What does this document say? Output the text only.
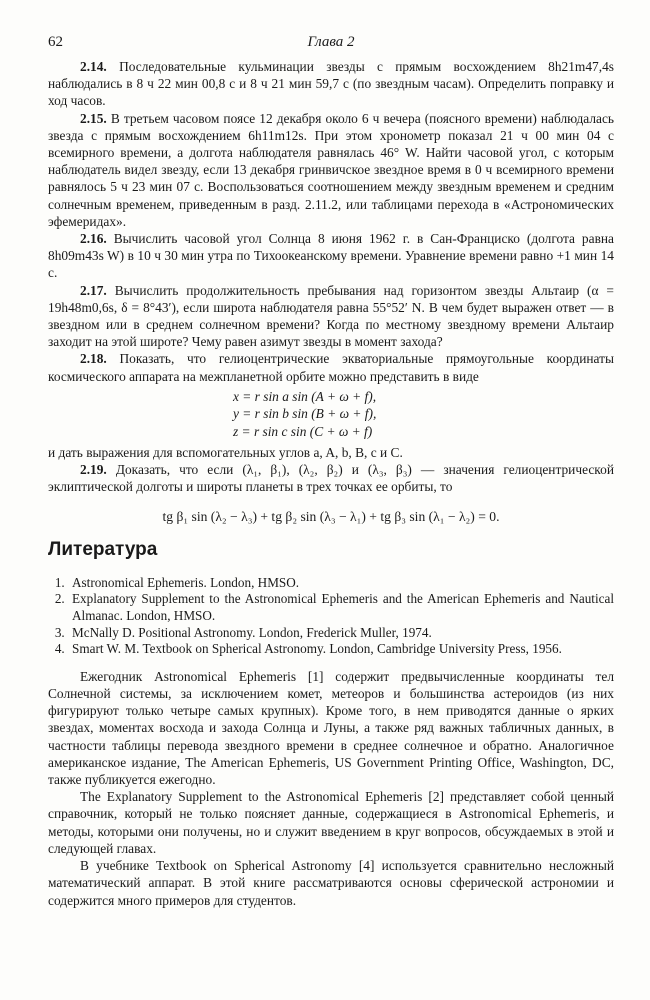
62	Глава 2

2.14. Последовательные кульминации звезды с прямым восхождением 8h21m47,4s наблюдались в 8 ч 22 мин 00,8 с и 8 ч 21 мин 59,7 с (по звездным часам). Определить поправку и ход часов.

2.15. В третьем часовом поясе 12 декабря около 6 ч вечера (поясного времени) наблюдалась звезда с прямым восхождением 6h11m12s. При этом хронометр показал 21 ч 00 мин 04 с всемирного времени, а долгота наблюдателя равнялась 46° W. Найти часовой угол, с которым наблюдатель видел звезду, если 13 декабря гринвичское звездное время в 0 ч всемирного времени равнялось 5 ч 23 мин 07 с. Воспользоваться соотношением между звездным временем и средним солнечным временем, приведенным в разд. 2.11.2, или таблицами перехода в «Астрономических эфемеридах».

2.16. Вычислить часовой угол Солнца 8 июня 1962 г. в Сан-Франциско (долгота равна 8h09m43s W) в 10 ч 30 мин утра по Тихоокеанскому времени. Уравнение времени равно +1 мин 14 с.

2.17. Вычислить продолжительность пребывания над горизонтом звезды Альтаир (α = 19h48m0,6s, δ = 8°43′), если широта наблюдателя равна 55°52′ N. В чем будет выражен ответ — в звездном или в среднем солнечном времени? Когда по местному звездному времени Альтаир заходит на этой широте? Чему равен азимут звезды в момент захода?

2.18. Показать, что гелиоцентрические экваториальные прямоугольные координаты космического аппарата на межпланетной орбите можно представить в виде

x = r sin a sin (A + ω + f),

y = r sin b sin (B + ω + f),

z = r sin c sin (C + ω + f)

и дать выражения для вспомогательных углов a, A, b, B, c и C.

2.19. Доказать, что если (λ₁, β₁), (λ₂, β₂) и (λ₃, β₃) — значения гелиоцентрической эклиптической долготы и широты планеты в трех точках ее орбиты, то

tg β₁ sin (λ₂ − λ₃) + tg β₂ sin (λ₃ − λ₁) + tg β₃ sin (λ₁ − λ₂) = 0.

Литература
1. Astronomical Ephemeris. London, HMSO.
2. Explanatory Supplement to the Astronomical Ephemeris and the American Ephemeris and Nautical Almanac. London, HMSO.
3. McNally D. Positional Astronomy. London, Frederick Muller, 1974.
4. Smart W. M. Textbook on Spherical Astronomy. London, Cambridge University Press, 1956.

Ежегодник Astronomical Ephemeris [1] содержит предвычисленные координаты тел Солнечной системы, за исключением комет, метеоров и большинства астероидов (из них фигурируют только четыре самых крупных). Кроме того, в нем приводятся данные о ярких звездах, моментах восхода и захода Солнца и Луны, а также ряд важных табличных данных, в частности таблицы перевода звездного времени в среднее солнечное и обратно. Аналогичное американское издание, The American Ephemeris, US Government Printing Office, Washington, DC, также публикуется ежегодно.

The Explanatory Supplement to the Astronomical Ephemeris [2] представляет собой ценный справочник, который не только поясняет данные, содержащиеся в Astronomical Ephemeris, и методы, которыми они получены, но и служит введением в круг вопросов, обсуждаемых в этой и следующей главах.

В учебнике Textbook on Spherical Astronomy [4] используется сравнительно несложный математический аппарат. В этой книге рассматриваются основы сферической астрономии и содержится много примеров для студентов.
